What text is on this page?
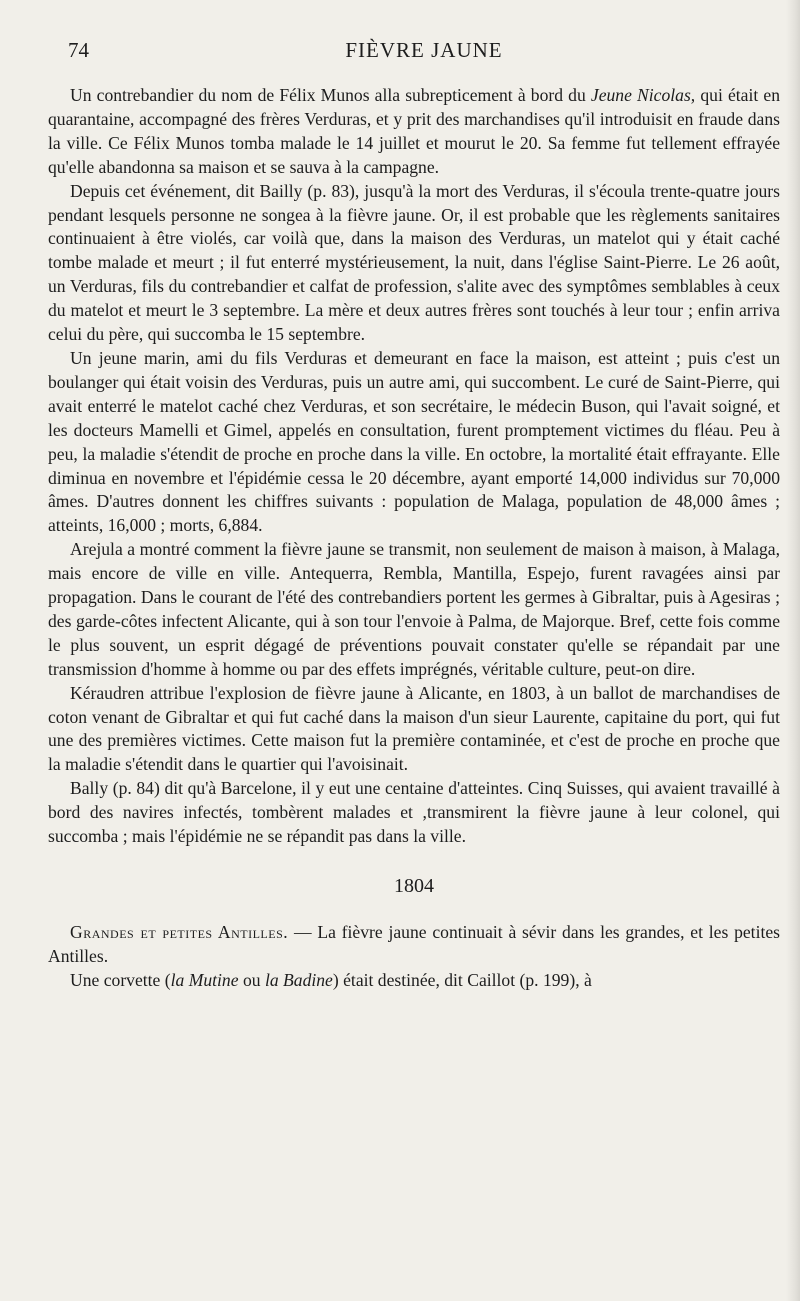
74	FIÈVRE JAUNE

Un contrebandier du nom de Félix Munos alla subrepticement à bord du Jeune Nicolas, qui était en quarantaine, accompagné des frères Verduras, et y prit des marchandises qu'il introduisit en fraude dans la ville. Ce Félix Munos tomba malade le 14 juillet et mourut le 20. Sa femme fut tellement effrayée qu'elle abandonna sa maison et se sauva à la campagne.

Depuis cet événement, dit Bailly (p. 83), jusqu'à la mort des Verduras, il s'écoula trente-quatre jours pendant lesquels personne ne songea à la fièvre jaune. Or, il est probable que les règlements sanitaires continuaient à être violés, car voilà que, dans la maison des Verduras, un matelot qui y était caché tombe malade et meurt ; il fut enterré mystérieusement, la nuit, dans l'église Saint-Pierre. Le 26 août, un Verduras, fils du contrebandier et calfat de profession, s'alite avec des symptômes semblables à ceux du matelot et meurt le 3 septembre. La mère et deux autres frères sont touchés à leur tour ; enfin arriva celui du père, qui succomba le 15 septembre.

Un jeune marin, ami du fils Verduras et demeurant en face la maison, est atteint ; puis c'est un boulanger qui était voisin des Verduras, puis un autre ami, qui succombent. Le curé de Saint-Pierre, qui avait enterré le matelot caché chez Verduras, et son secrétaire, le médecin Buson, qui l'avait soigné, et les docteurs Mamelli et Gimel, appelés en consultation, furent promptement victimes du fléau. Peu à peu, la maladie s'étendit de proche en proche dans la ville. En octobre, la mortalité était effrayante. Elle diminua en novembre et l'épidémie cessa le 20 décembre, ayant emporté 14,000 individus sur 70,000 âmes. D'autres donnent les chiffres suivants : population de Malaga, population de 48,000 âmes ; atteints, 16,000 ; morts, 6,884.

Arejula a montré comment la fièvre jaune se transmit, non seulement de maison à maison, à Malaga, mais encore de ville en ville. Antequerra, Rembla, Mantilla, Espejo, furent ravagées ainsi par propagation. Dans le courant de l'été des contrebandiers portent les germes à Gibraltar, puis à Agesiras ; des garde-côtes infectent Alicante, qui à son tour l'envoie à Palma, de Majorque. Bref, cette fois comme le plus souvent, un esprit dégagé de préventions pouvait constater qu'elle se répandait par une transmission d'homme à homme ou par des effets imprégnés, véritable culture, peut-on dire.

Kéraudren attribue l'explosion de fièvre jaune à Alicante, en 1803, à un ballot de marchandises de coton venant de Gibraltar et qui fut caché dans la maison d'un sieur Laurente, capitaine du port, qui fut une des premières victimes. Cette maison fut la première contaminée, et c'est de proche en proche que la maladie s'étendit dans le quartier qui l'avoisinait.

Bally (p. 84) dit qu'à Barcelone, il y eut une centaine d'atteintes. Cinq Suisses, qui avaient travaillé à bord des navires infectés, tombèrent malades et ,transmirent la fièvre jaune à leur colonel, qui succomba ; mais l'épidémie ne se répandit pas dans la ville.

1804

Grandes et petites Antilles. — La fièvre jaune continuait à sévir dans les grandes, et les petites Antilles.

Une corvette (la Mutine ou la Badine) était destinée, dit Caillot (p. 199), à
